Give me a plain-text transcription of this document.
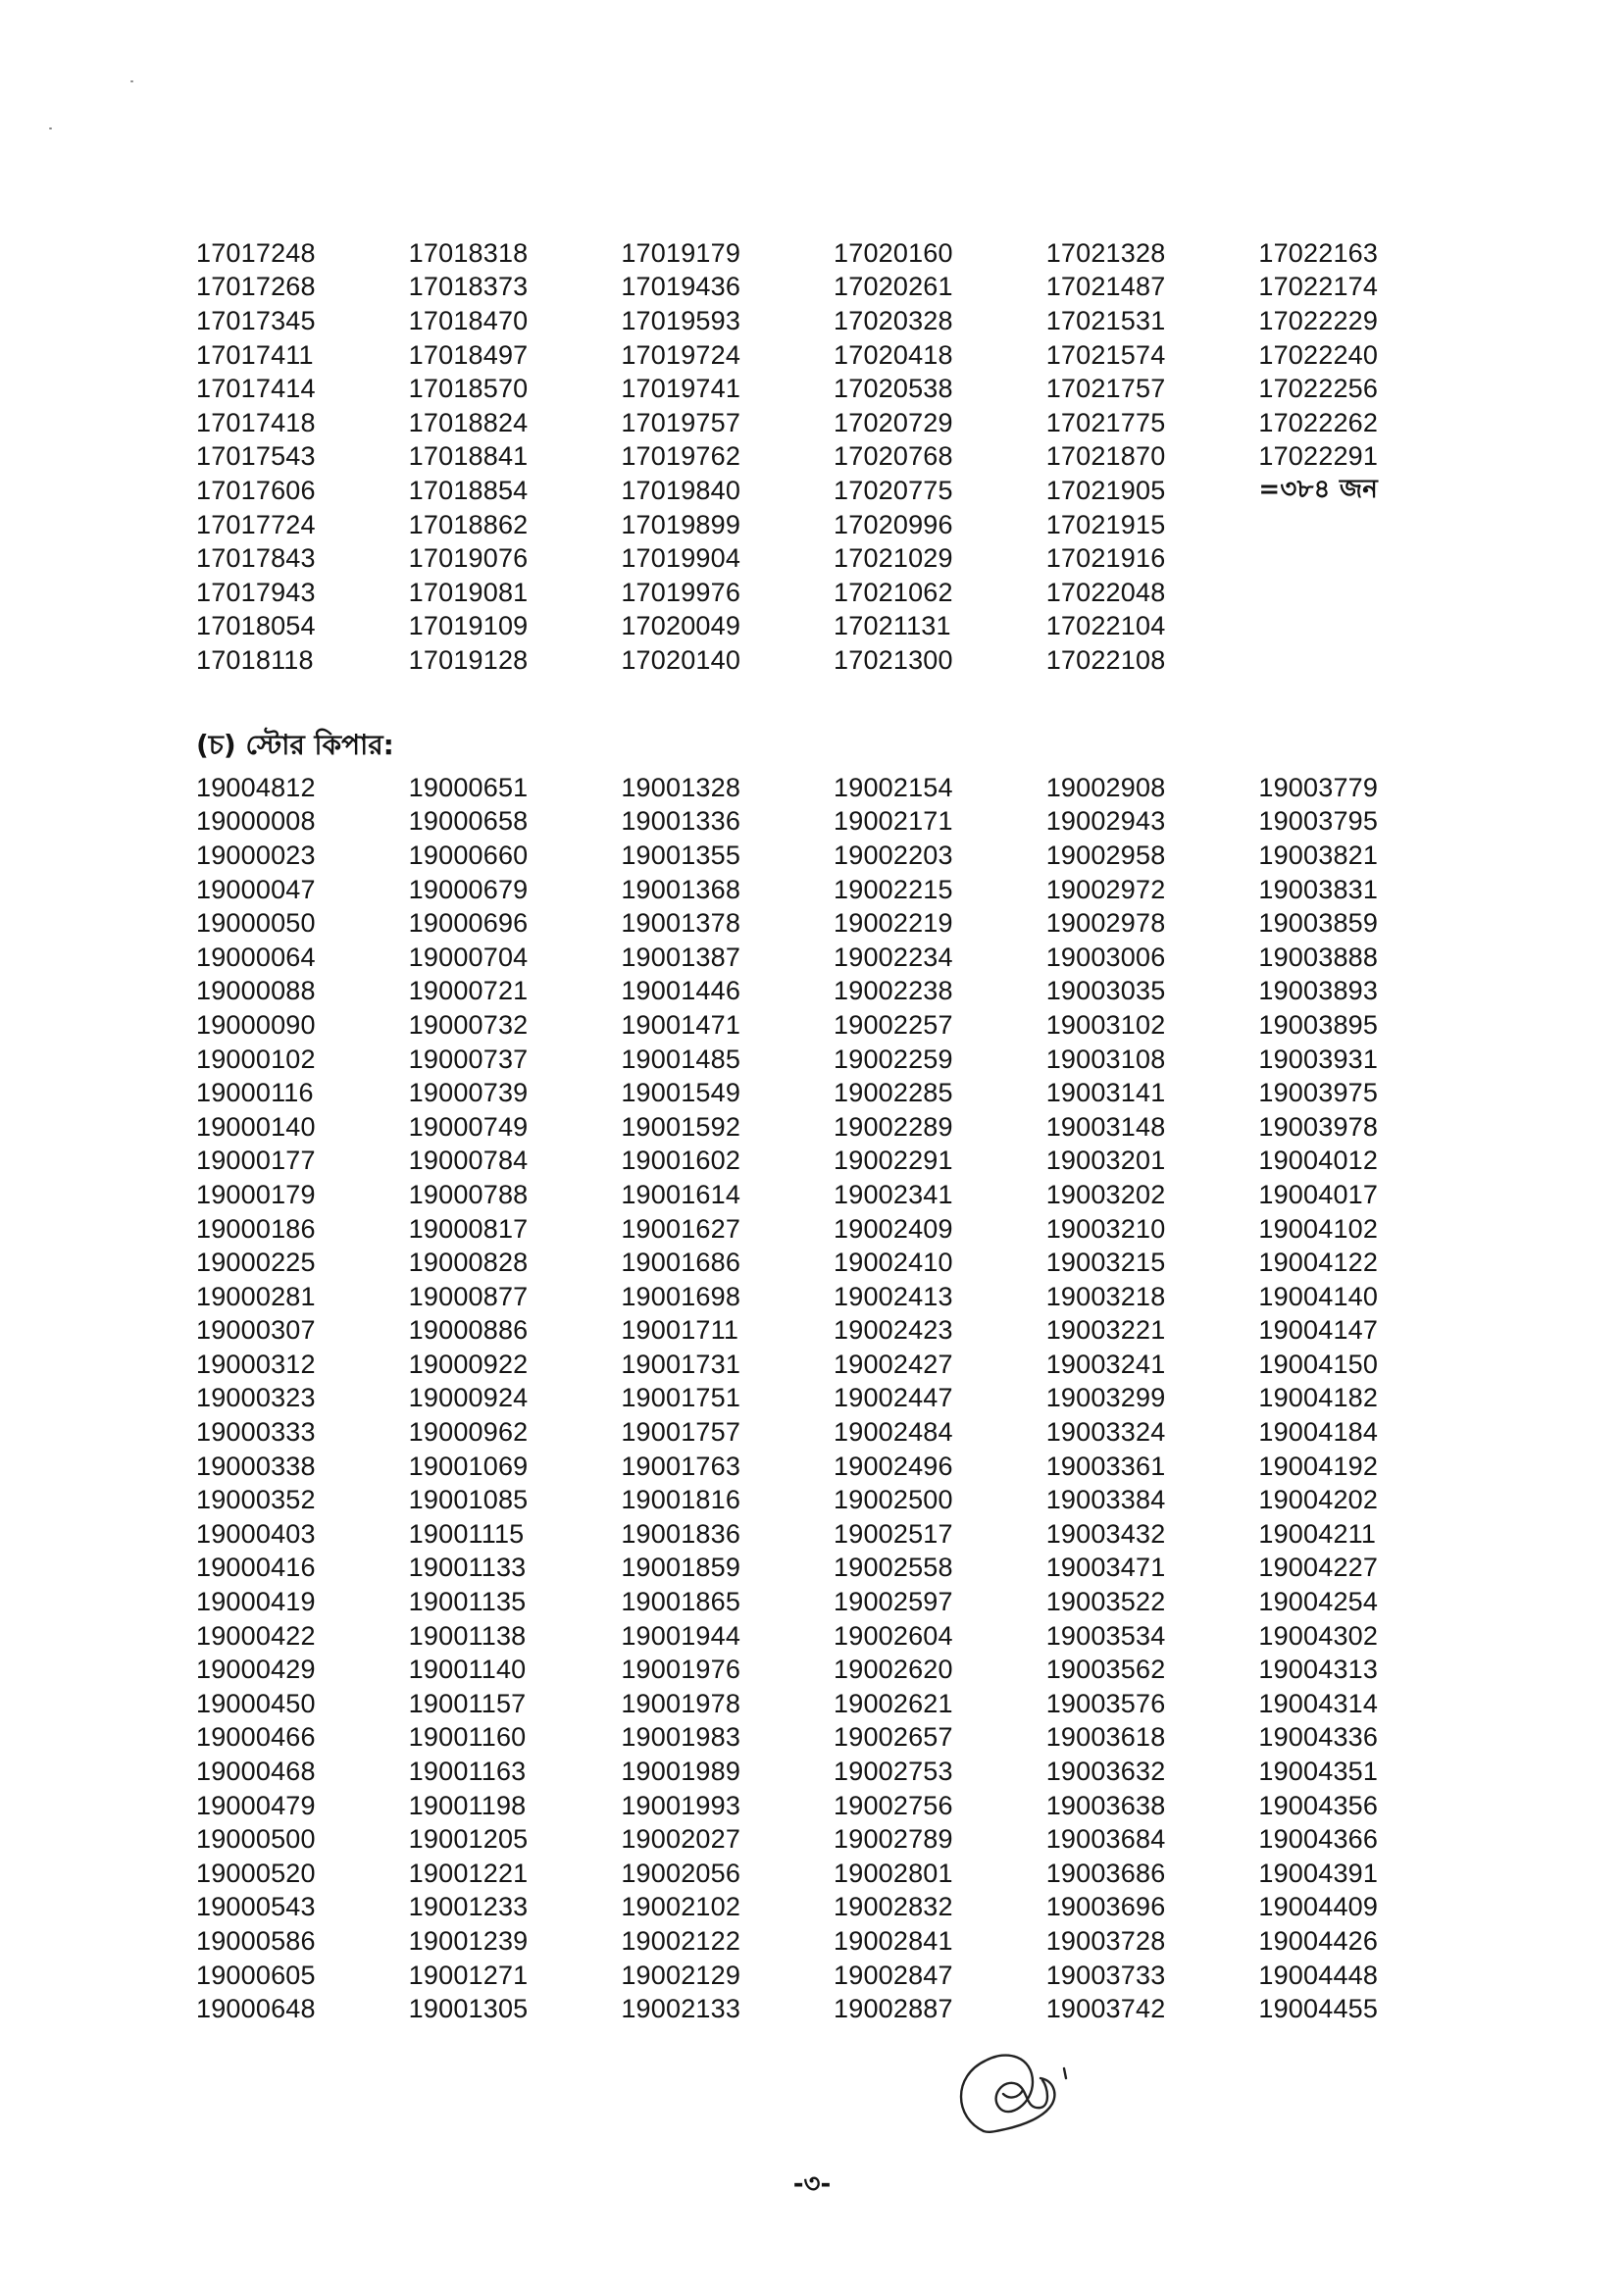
17017248	17018318	17019179	17020160	17021328	17022163
17017268	17018373	17019436	17020261	17021487	17022174
17017345	17018470	17019593	17020328	17021531	17022229
17017411	17018497	17019724	17020418	17021574	17022240
17017414	17018570	17019741	17020538	17021757	17022256
17017418	17018824	17019757	17020729	17021775	17022262
17017543	17018841	17019762	17020768	17021870	17022291
17017606	17018854	17019840	17020775	17021905	=৩৮৪ জন
17017724	17018862	17019899	17020996	17021915
17017843	17019076	17019904	17021029	17021916
17017943	17019081	17019976	17021062	17022048
17018054	17019109	17020049	17021131	17022104
17018118	17019128	17020140	17021300	17022108
(চ) স্টোর কিপার:
19004812	19000651	19001328	19002154	19002908	19003779
19000008	19000658	19001336	19002171	19002943	19003795
19000023	19000660	19001355	19002203	19002958	19003821
19000047	19000679	19001368	19002215	19002972	19003831
19000050	19000696	19001378	19002219	19002978	19003859
19000064	19000704	19001387	19002234	19003006	19003888
19000088	19000721	19001446	19002238	19003035	19003893
19000090	19000732	19001471	19002257	19003102	19003895
19000102	19000737	19001485	19002259	19003108	19003931
19000116	19000739	19001549	19002285	19003141	19003975
19000140	19000749	19001592	19002289	19003148	19003978
19000177	19000784	19001602	19002291	19003201	19004012
19000179	19000788	19001614	19002341	19003202	19004017
19000186	19000817	19001627	19002409	19003210	19004102
19000225	19000828	19001686	19002410	19003215	19004122
19000281	19000877	19001698	19002413	19003218	19004140
19000307	19000886	19001711	19002423	19003221	19004147
19000312	19000922	19001731	19002427	19003241	19004150
19000323	19000924	19001751	19002447	19003299	19004182
19000333	19000962	19001757	19002484	19003324	19004184
19000338	19001069	19001763	19002496	19003361	19004192
19000352	19001085	19001816	19002500	19003384	19004202
19000403	19001115	19001836	19002517	19003432	19004211
19000416	19001133	19001859	19002558	19003471	19004227
19000419	19001135	19001865	19002597	19003522	19004254
19000422	19001138	19001944	19002604	19003534	19004302
19000429	19001140	19001976	19002620	19003562	19004313
19000450	19001157	19001978	19002621	19003576	19004314
19000466	19001160	19001983	19002657	19003618	19004336
19000468	19001163	19001989	19002753	19003632	19004351
19000479	19001198	19001993	19002756	19003638	19004356
19000500	19001205	19002027	19002789	19003684	19004366
19000520	19001221	19002056	19002801	19003686	19004391
19000543	19001233	19002102	19002832	19003696	19004409
19000586	19001239	19002122	19002841	19003728	19004426
19000605	19001271	19002129	19002847	19003733	19004448
19000648	19001305	19002133	19002887	19003742	19004455
-৩-
